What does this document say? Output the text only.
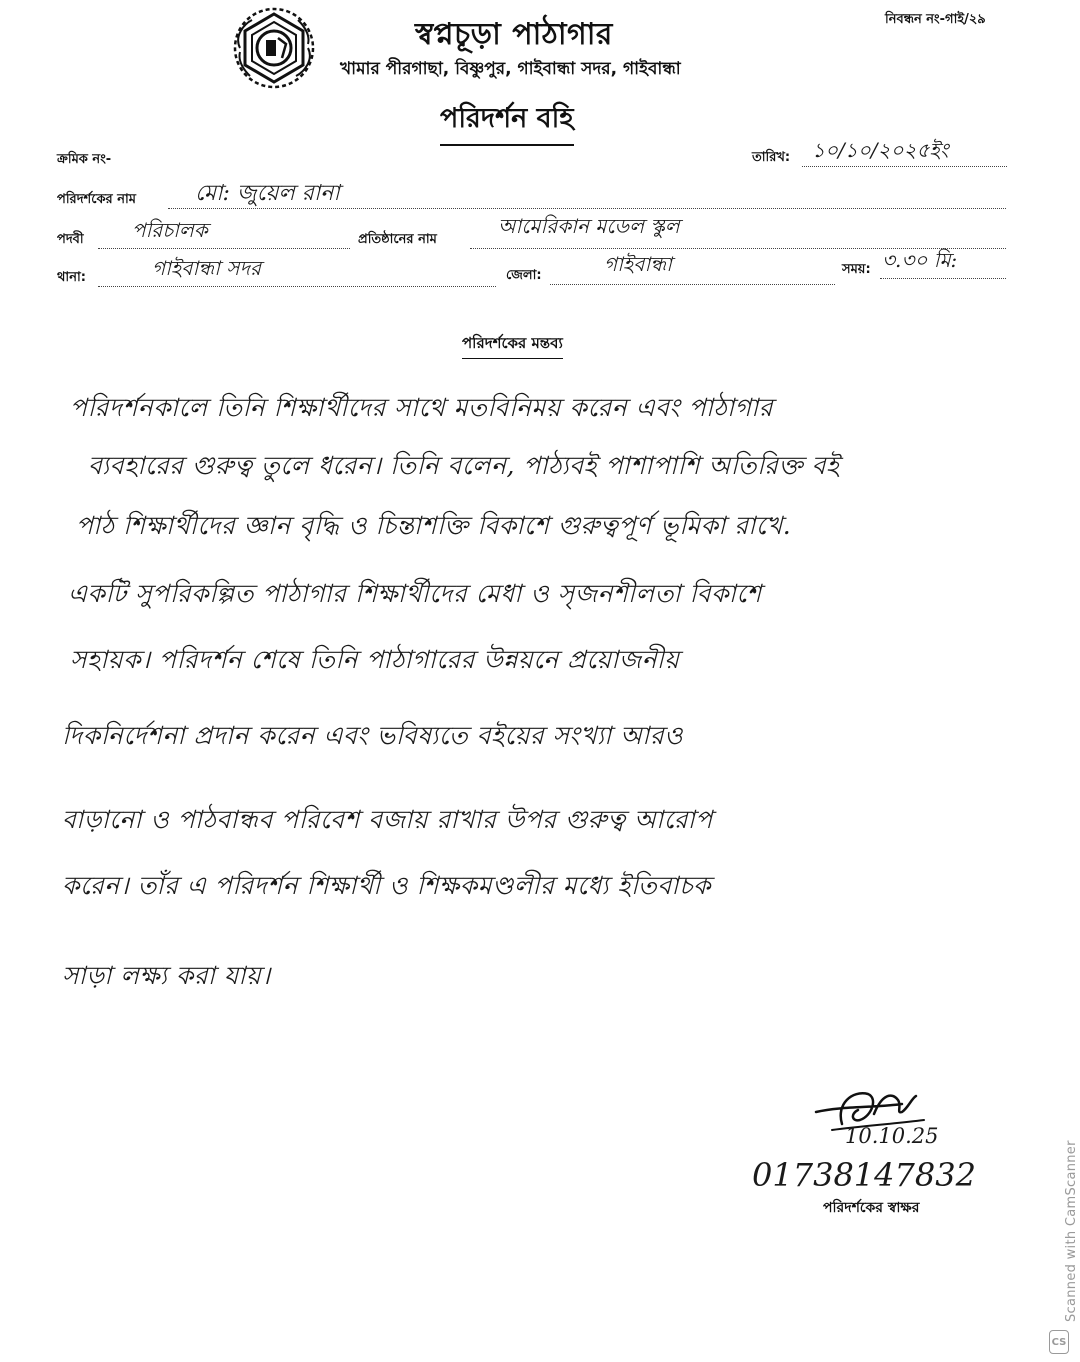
স্বপ্নচূড়া পাঠাগার
খামার পীরগাছা, বিষ্ণুপুর, গাইবান্ধা সদর, গাইবান্ধা
নিবন্ধন নং-গাই/২৯
পরিদর্শন বহি
ক্রমিক নং-	তারিখ: ১০/১০/২০২৫ইং
পরিদর্শকের নাম	মো: জুয়েল রানা
পদবী পরিচালক	প্রতিষ্ঠানের নাম
আমেরিকান মডেল স্কুল
থানা:	গাইবান্ধা সদর	জেলা:	গাইবান্ধা	সময়: ৩.৩০ মি:
পরিদর্শকের মন্তব্য
পরিদর্শনকালে তিনি শিক্ষার্থীদের সাথে মতবিনিময় করেন এবং পাঠাগার
ব্যবহারের গুরুত্ব তুলে ধরেন। তিনি বলেন, পাঠ্যবই পাশাপাশি অতিরিক্ত বই
পাঠ শিক্ষার্থীদের জ্ঞান বৃদ্ধি ও চিন্তাশক্তি বিকাশে গুরুত্বপূর্ণ ভূমিকা রাখে.
একটি সুপরিকল্পিত পাঠাগার শিক্ষার্থীদের মেধা ও সৃজনশীলতা বিকাশে
সহায়ক। পরিদর্শন শেষে তিনি পাঠাগারের উন্নয়নে প্রয়োজনীয়
দিকনির্দেশনা প্রদান করেন এবং ভবিষ্যতে বইয়ের সংখ্যা আরও
বাড়ানো ও পাঠবান্ধব পরিবেশ বজায় রাখার উপর গুরুত্ব আরোপ
করেন। তাঁর এ পরিদর্শন শিক্ষার্থী ও শিক্ষকমণ্ডলীর মধ্যে ইতিবাচক
সাড়া লক্ষ্য করা যায়।
10.10.25
01738147832
পরিদর্শকের স্বাক্ষর	Scanned with CamScanner
CS
